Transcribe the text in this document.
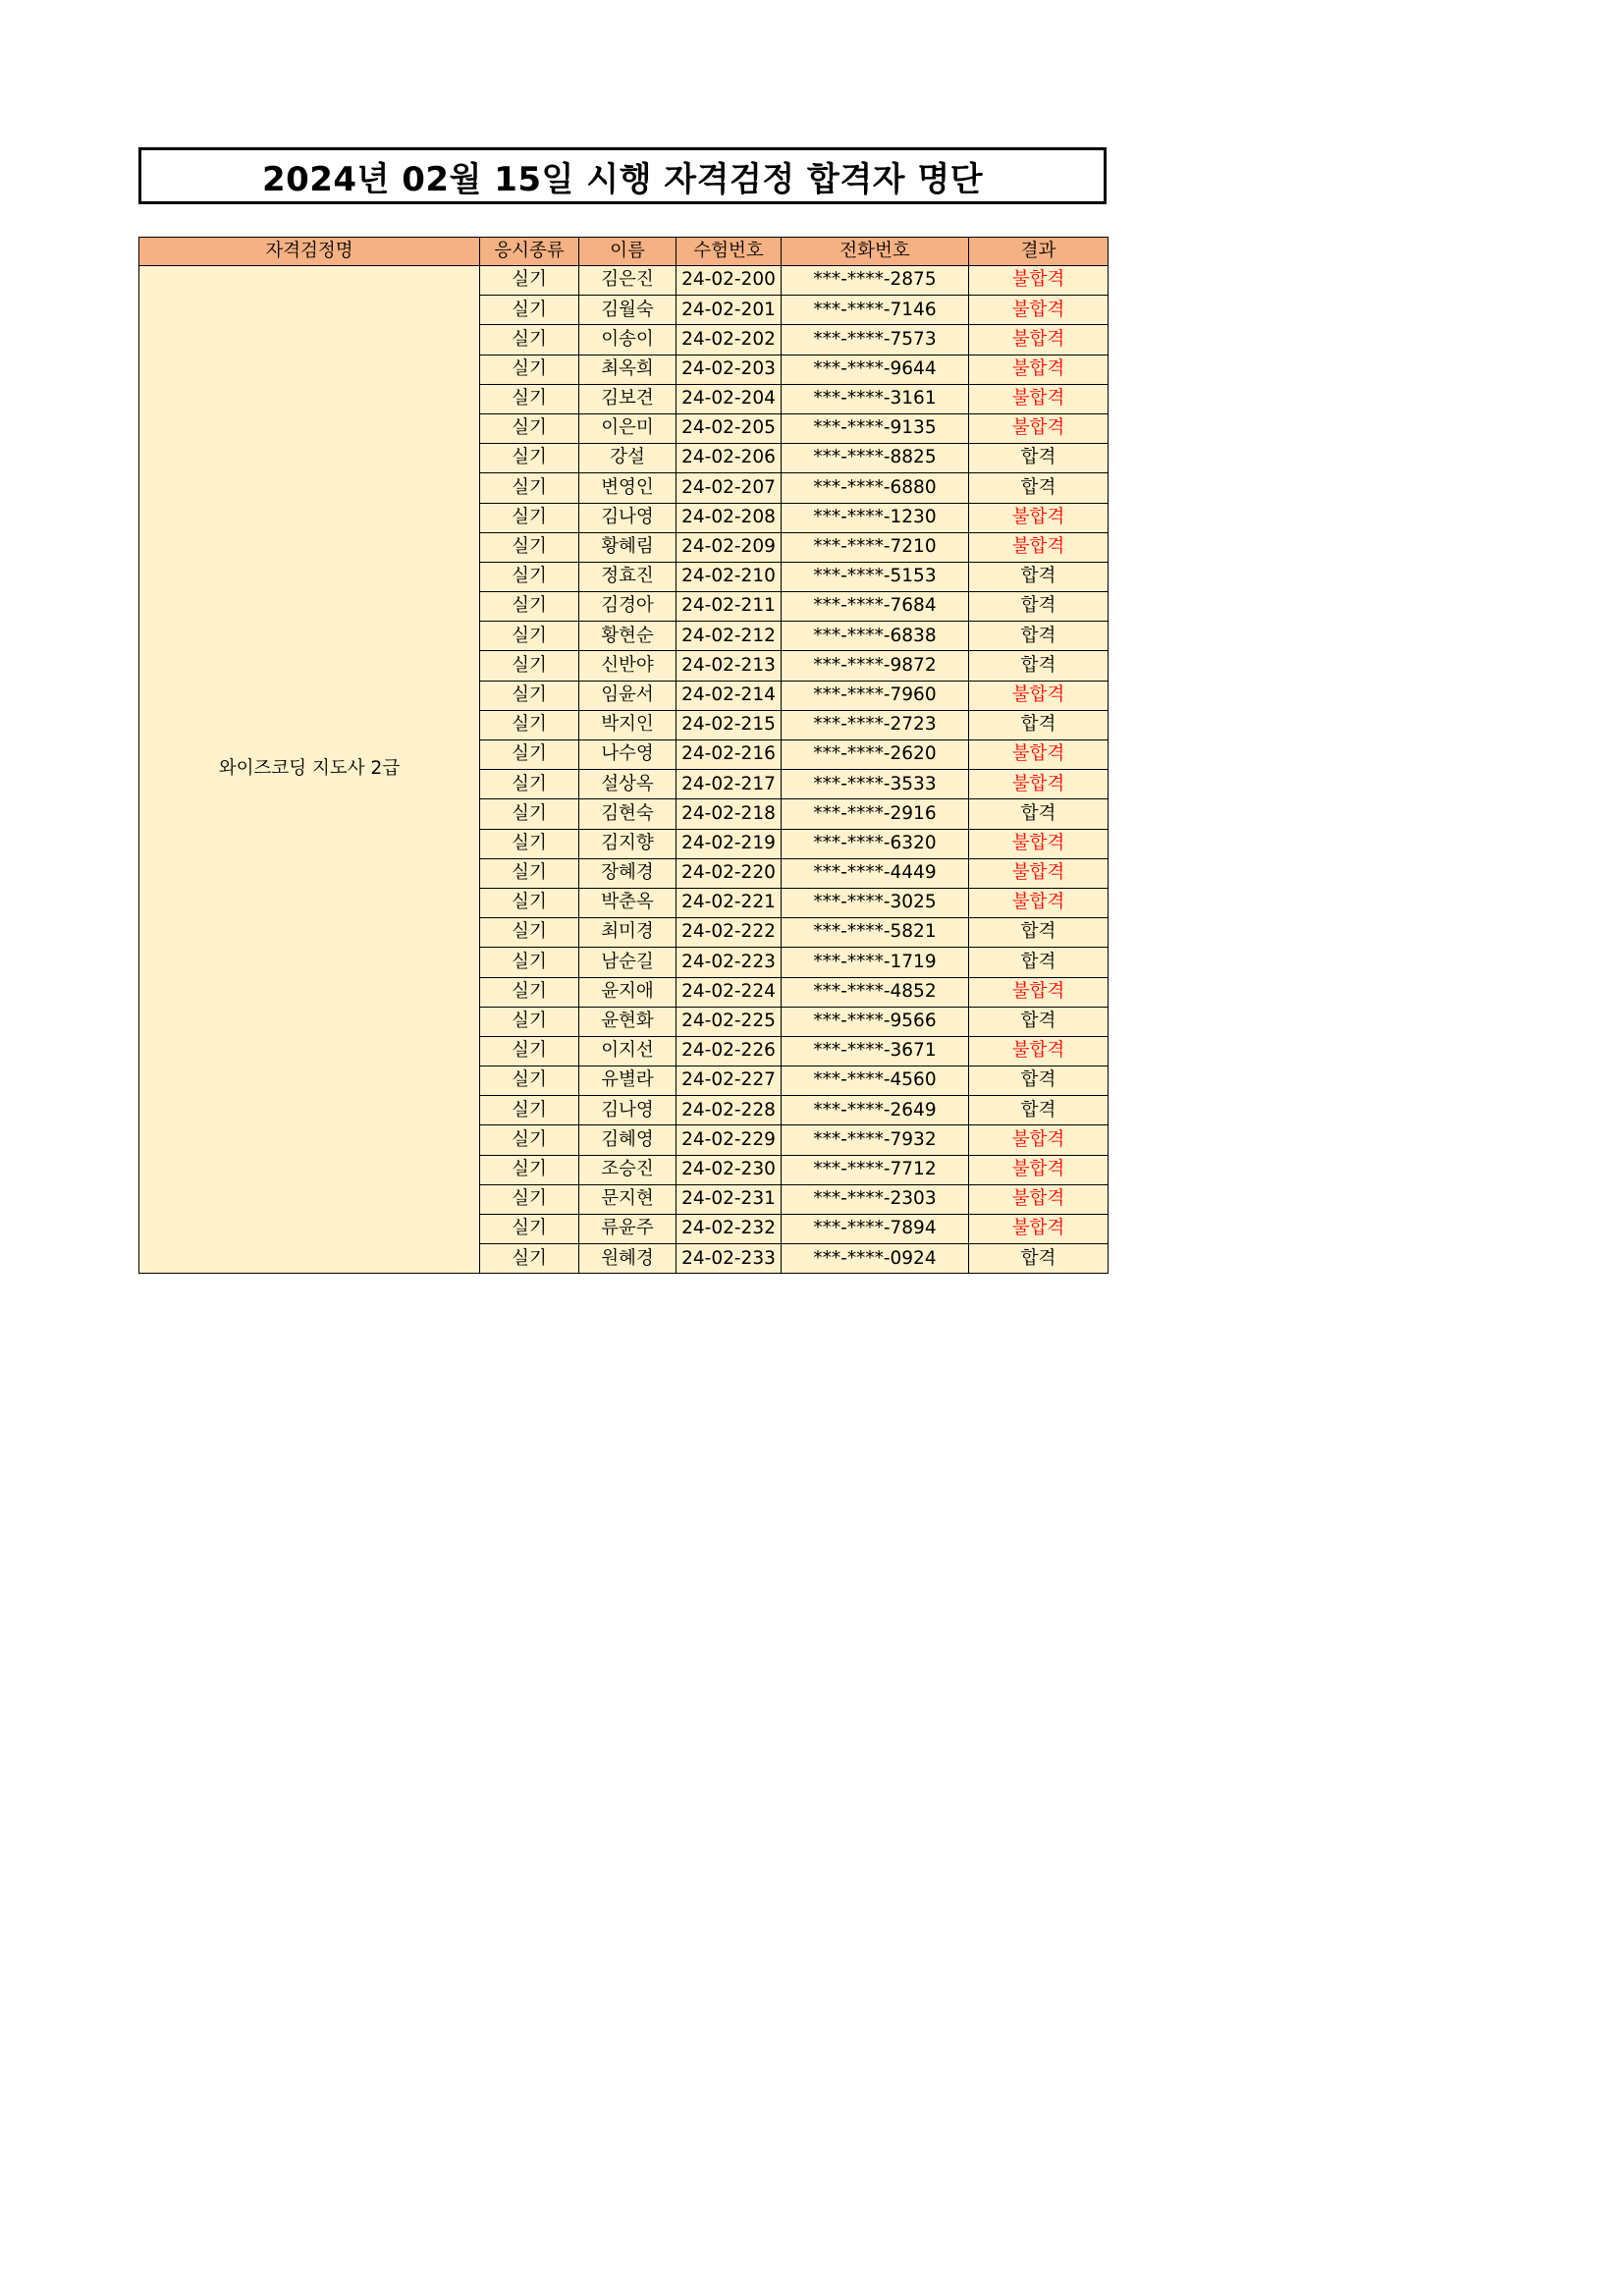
2024년 02월 15일 시행 자격검정 합격자 명단
자격검정명	응시종류	이름	수험번호	전화번호	결과
와이즈코딩 지도사 2급	실기	김은진	24-02-200	***-****-2875	불합격
	실기	김월숙	24-02-201	***-****-7146	불합격
	실기	이송이	24-02-202	***-****-7573	불합격
	실기	최옥희	24-02-203	***-****-9644	불합격
	실기	김보견	24-02-204	***-****-3161	불합격
	실기	이은미	24-02-205	***-****-9135	불합격
	실기	강설	24-02-206	***-****-8825	합격
	실기	변영인	24-02-207	***-****-6880	합격
	실기	김나영	24-02-208	***-****-1230	불합격
	실기	황혜림	24-02-209	***-****-7210	불합격
	실기	정효진	24-02-210	***-****-5153	합격
	실기	김경아	24-02-211	***-****-7684	합격
	실기	황현순	24-02-212	***-****-6838	합격
	실기	신반야	24-02-213	***-****-9872	합격
	실기	임윤서	24-02-214	***-****-7960	불합격
	실기	박지인	24-02-215	***-****-2723	합격
	실기	나수영	24-02-216	***-****-2620	불합격
	실기	설상옥	24-02-217	***-****-3533	불합격
	실기	김현숙	24-02-218	***-****-2916	합격
	실기	김지향	24-02-219	***-****-6320	불합격
	실기	장혜경	24-02-220	***-****-4449	불합격
	실기	박춘옥	24-02-221	***-****-3025	불합격
	실기	최미경	24-02-222	***-****-5821	합격
	실기	남순길	24-02-223	***-****-1719	합격
	실기	윤지애	24-02-224	***-****-4852	불합격
	실기	윤현화	24-02-225	***-****-9566	합격
	실기	이지선	24-02-226	***-****-3671	불합격
	실기	유별라	24-02-227	***-****-4560	합격
	실기	김나영	24-02-228	***-****-2649	합격
	실기	김혜영	24-02-229	***-****-7932	불합격
	실기	조승진	24-02-230	***-****-7712	불합격
	실기	문지현	24-02-231	***-****-2303	불합격
	실기	류윤주	24-02-232	***-****-7894	불합격
	실기	원혜경	24-02-233	***-****-0924	합격
